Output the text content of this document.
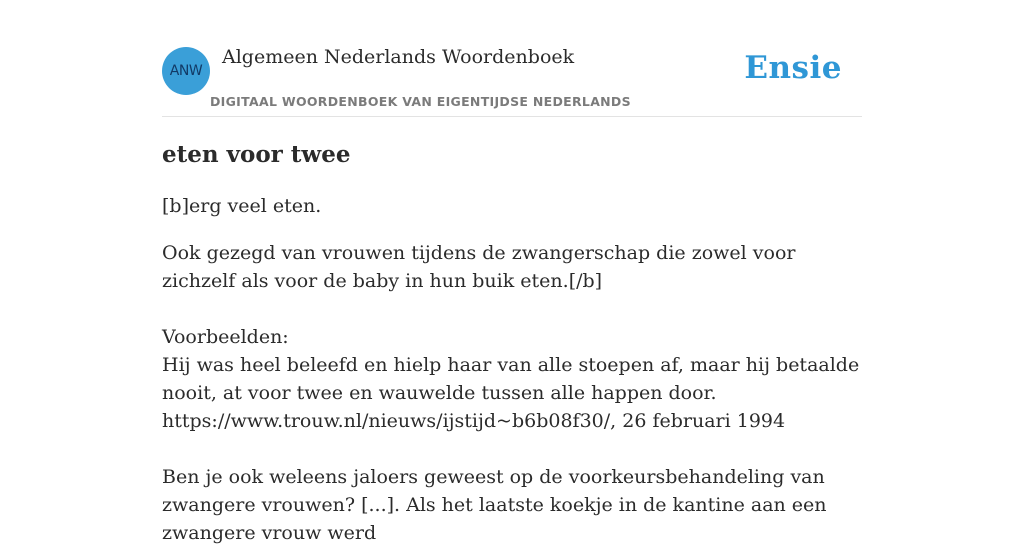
ANW
Algemeen Nederlands Woordenboek
DIGITAAL WOORDENBOEK VAN EIGENTIJDSE NEDERLANDS
Ensie
eten voor twee

[b]erg veel eten.

Ook gezegd van vrouwen tijdens de zwangerschap die zowel voor zichzelf als voor de baby in hun buik eten.[/b]

Voorbeelden:
Hij was heel beleefd en hielp haar van alle stoepen af, maar hij betaalde nooit, at voor twee en wauwelde tussen alle happen door.
https://www.trouw.nl/nieuws/ijstijd~b6b08f30/, 26 februari 1994

Ben je ook weleens jaloers geweest op de voorkeursbehandeling van zwangere vrouwen? [...]. Als het laatste koekje in de kantine aan een zwangere vrouw werd
